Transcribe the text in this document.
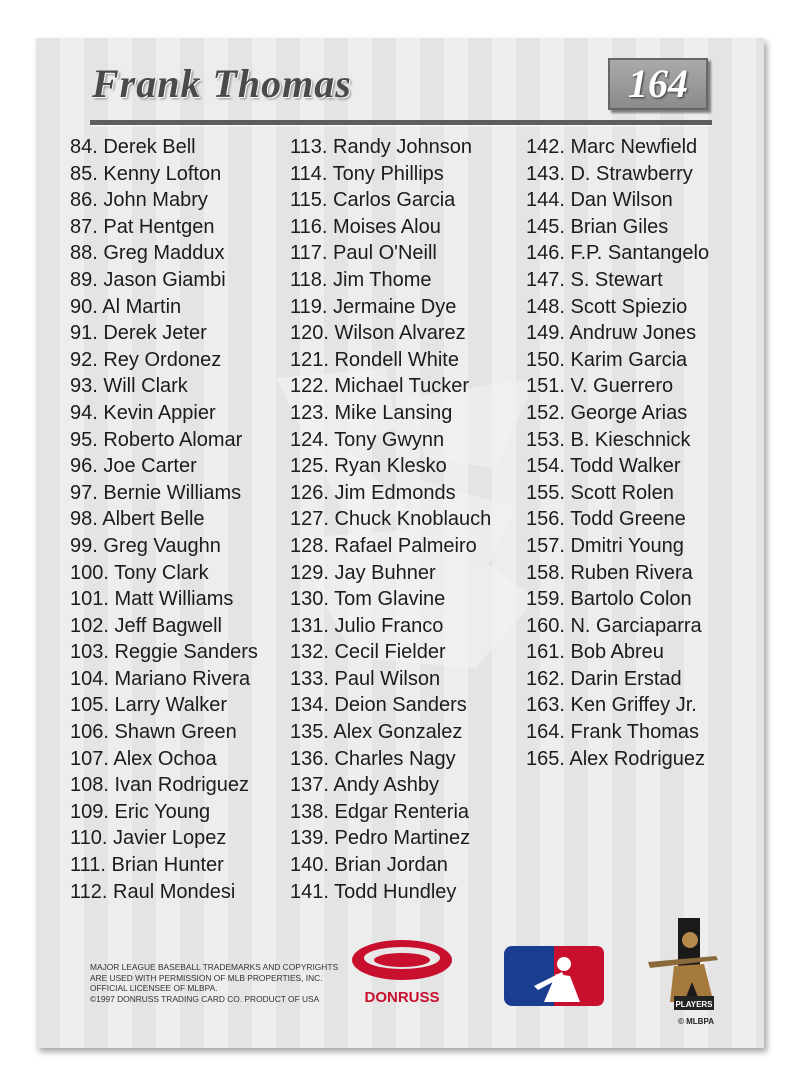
Frank Thomas	164
84. Derek Bell
85. Kenny Lofton
86. John Mabry
87. Pat Hentgen
88. Greg Maddux
89. Jason Giambi
90. Al Martin
91. Derek Jeter
92. Rey Ordonez
93. Will Clark
94. Kevin Appier
95. Roberto Alomar
96. Joe Carter
97. Bernie Williams
98. Albert Belle
99. Greg Vaughn
100. Tony Clark
101. Matt Williams
102. Jeff Bagwell
103. Reggie Sanders
104. Mariano Rivera
105. Larry Walker
106. Shawn Green
107. Alex Ochoa
108. Ivan Rodriguez
109. Eric Young
110. Javier Lopez
111. Brian Hunter
112. Raul Mondesi
113. Randy Johnson
114. Tony Phillips
115. Carlos Garcia
116. Moises Alou
117. Paul O'Neill
118. Jim Thome
119. Jermaine Dye
120. Wilson Alvarez
121. Rondell White
122. Michael Tucker
123. Mike Lansing
124. Tony Gwynn
125. Ryan Klesko
126. Jim Edmonds
127. Chuck Knoblauch
128. Rafael Palmeiro
129. Jay Buhner
130. Tom Glavine
131. Julio Franco
132. Cecil Fielder
133. Paul Wilson
134. Deion Sanders
135. Alex Gonzalez
136. Charles Nagy
137. Andy Ashby
138. Edgar Renteria
139. Pedro Martinez
140. Brian Jordan
141. Todd Hundley
142. Marc Newfield
143. D. Strawberry
144. Dan Wilson
145. Brian Giles
146. F.P. Santangelo
147. S. Stewart
148. Scott Spiezio
149. Andruw Jones
150. Karim Garcia
151. V. Guerrero
152. George Arias
153. B. Kieschnick
154. Todd Walker
155. Scott Rolen
156. Todd Greene
157. Dmitri Young
158. Ruben Rivera
159. Bartolo Colon
160. N. Garciaparra
161. Bob Abreu
162. Darin Erstad
163. Ken Griffey Jr.
164. Frank Thomas
165. Alex Rodriguez
MAJOR LEAGUE BASEBALL TRADEMARKS AND COPYRIGHTS
ARE USED WITH PERMISSION OF MLB PROPERTIES, INC.
OFFICIAL LICENSEE OF MLBPA.
©1997 DONRUSS TRADING CARD CO. PRODUCT OF USA	DONRUSS	PLAYERS
© MLBPA
